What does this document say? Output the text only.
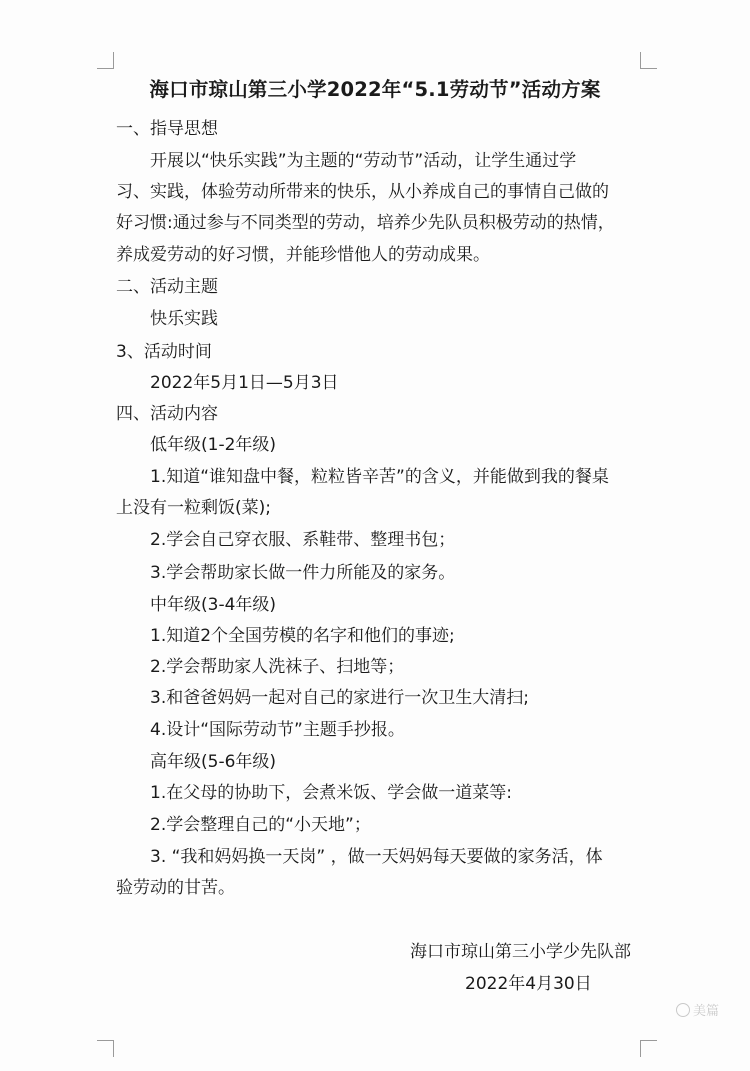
海口市琼山第三小学2022年“5.1劳动节”活动方案

一、指导思想

开展以“快乐实践”为主题的“劳动节”活动，让学生通过学

习、实践，体验劳动所带来的快乐，从小养成自己的事情自己做的

好习惯:通过参与不同类型的劳动，培养少先队员积极劳动的热情，

养成爱劳动的好习惯，并能珍惜他人的劳动成果。

二、活动主题

快乐实践

3、活动时间

2022年5月1日—5月3日

四、活动内容

低年级(1-2年级)

1.知道“谁知盘中餐，粒粒皆辛苦”的含义，并能做到我的餐桌

上没有一粒剩饭(菜);

2.学会自己穿衣服、系鞋带、整理书包；

3.学会帮助家长做一件力所能及的家务。

中年级(3-4年级)

1.知道2个全国劳模的名字和他们的事迹;

2.学会帮助家人洗袜子、扫地等；

3.和爸爸妈妈一起对自己的家进行一次卫生大清扫;

4.设计“国际劳动节”主题手抄报。

高年级(5-6年级)

1.在父母的协助下，会煮米饭、学会做一道菜等:

2.学会整理自己的“小天地”；

3. “我和妈妈换一天岗” ，做一天妈妈每天要做的家务活，体

验劳动的甘苦。

海口市琼山第三小学少先队部
2022年4月30日
美篇
